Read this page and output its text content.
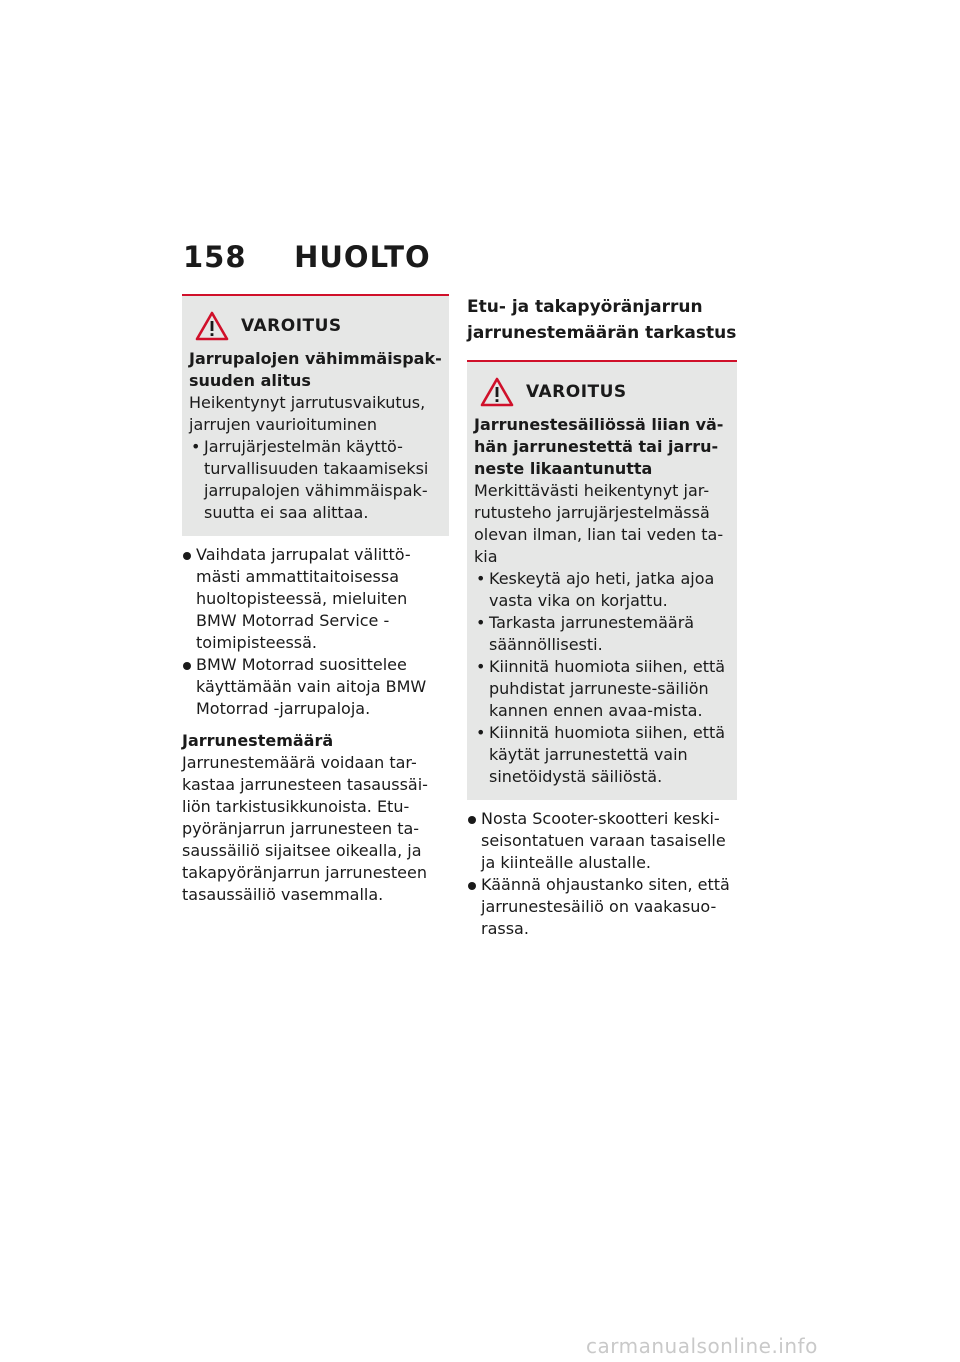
158 HUOLTO
VAROITUS
Jarrupalojen vähimmäispak-suuden alitus

Heikentynyt jarrutusvaikutus, jarrujen vaurioituminen

• Jarrujärjestelmän käyttö-turvallisuuden takaamiseksi jarrupalojen vähimmäispak-suutta ei saa alittaa.
Vaihdata jarrupalat välittö-mästi ammattitaitoisessa huoltopisteessä, mieluiten BMW Motorrad Service -toimipisteessä.
BMW Motorrad suosittelee käyttämään vain aitoja BMW Motorrad -jarrupaloja.
Jarrunestemäärä

Jarrunestemäärä voidaan tar-kastaa jarrunesteen tasaussäi-liön tarkistusikkunoista. Etu-pyöränjarrun jarrunesteen ta-saussäiliö sijaitsee oikealla, ja takapyöränjarrun jarrunesteen tasaussäiliö vasemmalla.

Etu- ja takapyöränjarrun jarrunestemäärän tarkastus
VAROITUS
Jarrunestesäiliössä liian vä-hän jarrunestettä tai jarru-neste likaantunutta

Merkittävästi heikentynyt jar-rutusteho jarrujärjestelmässä olevan ilman, lian tai veden ta-kia

• Keskeytä ajo heti, jatka ajoa vasta vika on korjattu.
• Tarkasta jarrunestemäärä säännöllisesti.
• Kiinnitä huomiota siihen, että puhdistat jarruneste-säiliön kannen ennen avaa-mista.
• Kiinnitä huomiota siihen, että käytät jarrunestettä vain sinetöidystä säiliöstä.
Nosta Scooter-skootteri keski-seisontatuen varaan tasaiselle ja kiinteälle alustalle.
Käännä ohjaustanko siten, että jarrunestesäiliö on vaakasuo-rassa.
carmanualsonline.info
